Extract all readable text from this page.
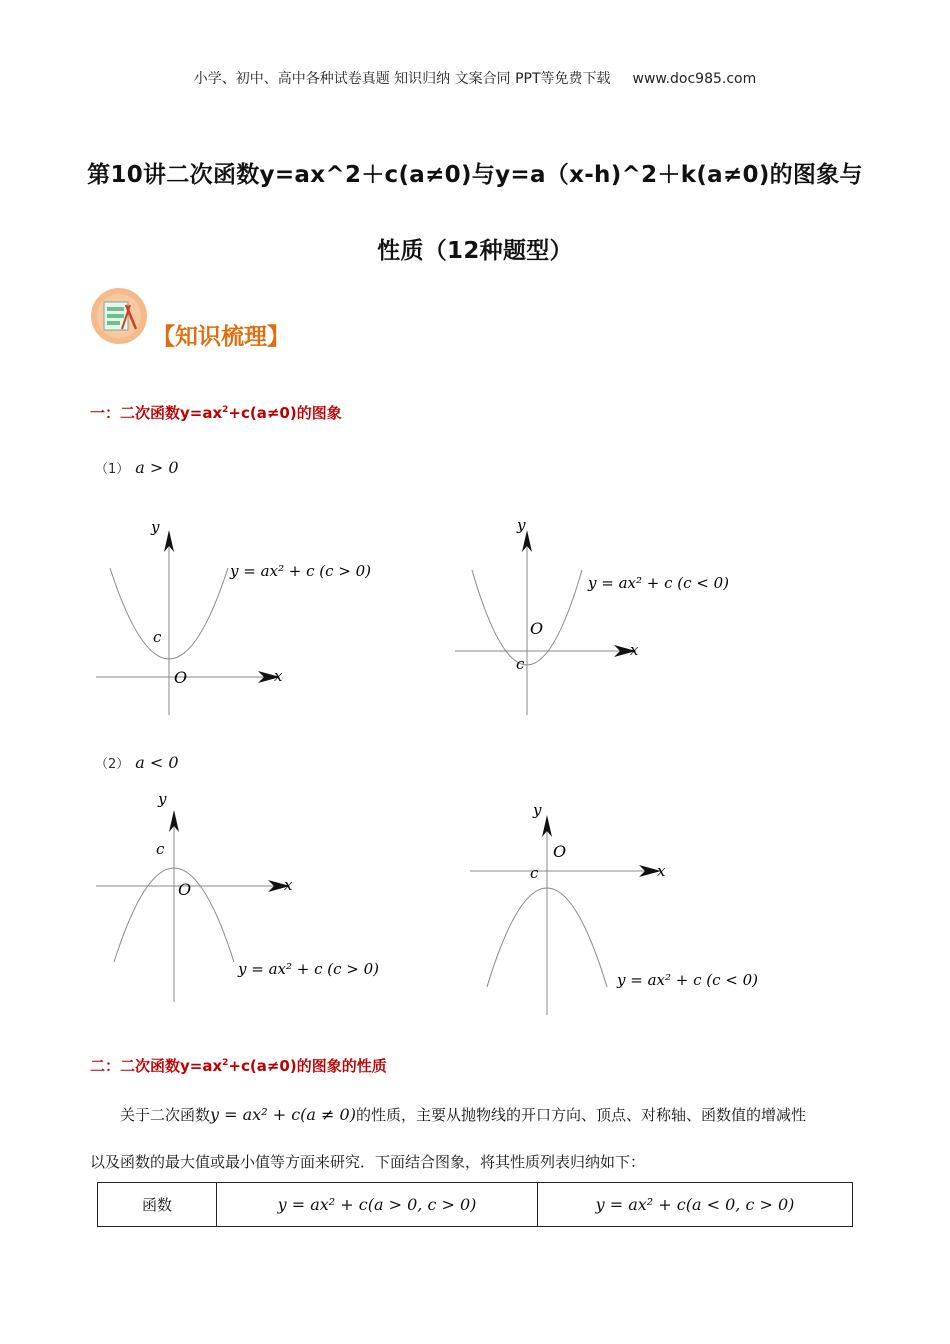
小学、初中、高中各种试卷真题 知识归纳 文案合同 PPT等免费下载 www.doc985.com
第10讲二次函数y=ax^2＋c(a≠0)与y=a（x-h)^2＋k(a≠0)的图象与
性质（12种题型）
【知识梳理】
一：二次函数$y=ax^2+c(a\ne 0)$的图象
（1） a > 0
y
x
O
c
y = ax² + c (c > 0)
y
x
O
c
y = ax² + c (c < 0)
（2） a < 0
y
x
O
c
y = ax² + c (c > 0)
y
x
O
c
y = ax² + c (c < 0)
二：二次函数$y=ax^2+c(a\ne 0)$的图象的性质
关于二次函数y = ax² + c(a ≠ 0)的性质，主要从抛物线的开口方向、顶点、对称轴、函数值的增减性
以及函数的最大值或最小值等方面来研究．下面结合图象，将其性质列表归纳如下：
函数	y = ax² + c(a > 0, c > 0)	y = ax² + c(a < 0, c > 0)
